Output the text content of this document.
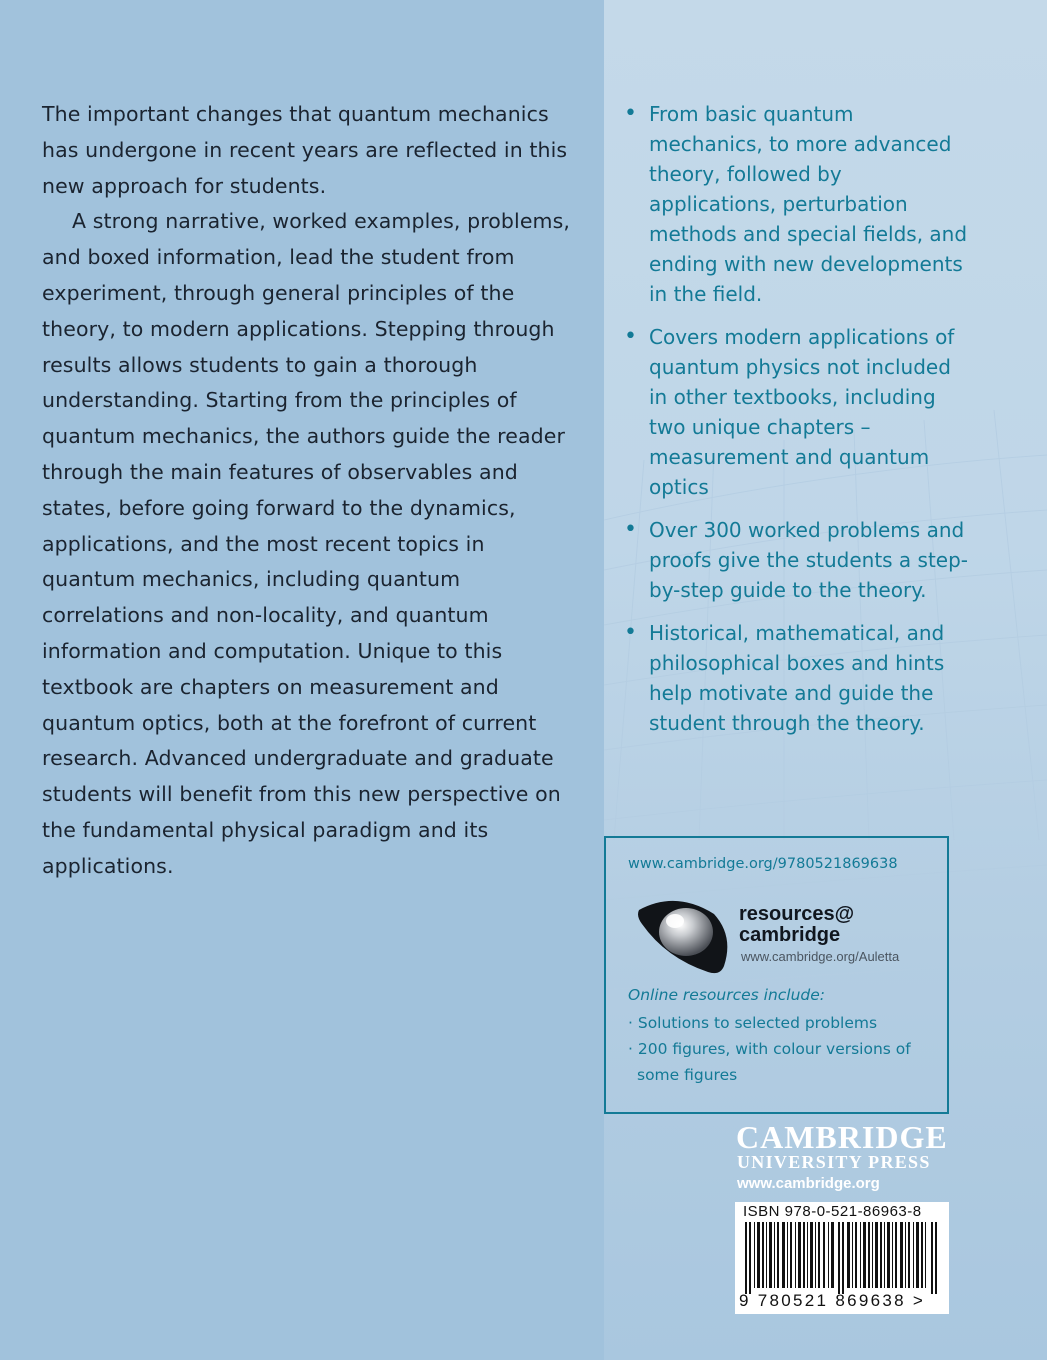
The important changes that quantum mechanics has undergone in recent years are reflected in this new approach for students.

A strong narrative, worked examples, problems, and boxed information, lead the student from experiment, through general principles of the theory, to modern applications. Stepping through results allows students to gain a thorough understanding. Starting from the principles of quantum mechanics, the authors guide the reader through the main features of observables and states, before going forward to the dynamics, applications, and the most recent topics in quantum mechanics, including quantum correlations and non-locality, and quantum information and computation. Unique to this textbook are chapters on measurement and quantum optics, both at the forefront of current research. Advanced undergraduate and graduate students will benefit from this new perspective on the fundamental physical paradigm and its applications.

• From basic quantum mechanics, to more advanced theory, followed by applications, perturbation methods and special fields, and ending with new developments in the field.
• Covers modern applications of quantum physics not included in other textbooks, including two unique chapters – measurement and quantum optics
• Over 300 worked problems and proofs give the students a step-by-step guide to the theory.
• Historical, mathematical, and philosophical boxes and hints help motivate and guide the student through the theory.
www.cambridge.org/9780521869638
resources@
cambridge
www.cambridge.org/Auletta
Online resources include:
· Solutions to selected problems
· 200 figures, with colour versions of some figures
CAMBRIDGE
UNIVERSITY PRESS
www.cambridge.org
ISBN 978-0-521-86963-8
9 780521 869638 >
